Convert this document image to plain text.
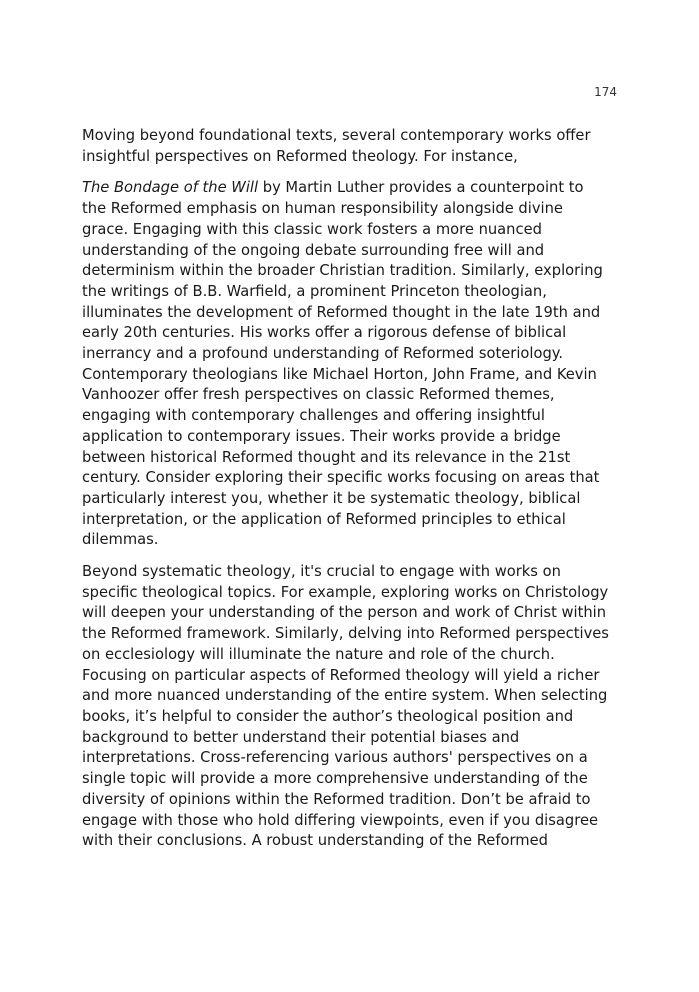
174

Moving beyond foundational texts, several contemporary works offer
insightful perspectives on Reformed theology. For instance,

The Bondage of the Will by Martin Luther provides a counterpoint to
the Reformed emphasis on human responsibility alongside divine
grace. Engaging with this classic work fosters a more nuanced
understanding of the ongoing debate surrounding free will and
determinism within the broader Christian tradition. Similarly, exploring
the writings of B.B. Warfield, a prominent Princeton theologian,
illuminates the development of Reformed thought in the late 19th and
early 20th centuries. His works offer a rigorous defense of biblical
inerrancy and a profound understanding of Reformed soteriology.
Contemporary theologians like Michael Horton, John Frame, and Kevin
Vanhoozer offer fresh perspectives on classic Reformed themes,
engaging with contemporary challenges and offering insightful
application to contemporary issues. Their works provide a bridge
between historical Reformed thought and its relevance in the 21st
century. Consider exploring their specific works focusing on areas that
particularly interest you, whether it be systematic theology, biblical
interpretation, or the application of Reformed principles to ethical
dilemmas.

Beyond systematic theology, it's crucial to engage with works on
specific theological topics. For example, exploring works on Christology
will deepen your understanding of the person and work of Christ within
the Reformed framework. Similarly, delving into Reformed perspectives
on ecclesiology will illuminate the nature and role of the church.
Focusing on particular aspects of Reformed theology will yield a richer
and more nuanced understanding of the entire system. When selecting
books, it’s helpful to consider the author’s theological position and
background to better understand their potential biases and
interpretations. Cross-referencing various authors' perspectives on a
single topic will provide a more comprehensive understanding of the
diversity of opinions within the Reformed tradition. Don’t be afraid to
engage with those who hold differing viewpoints, even if you disagree
with their conclusions. A robust understanding of the Reformed
